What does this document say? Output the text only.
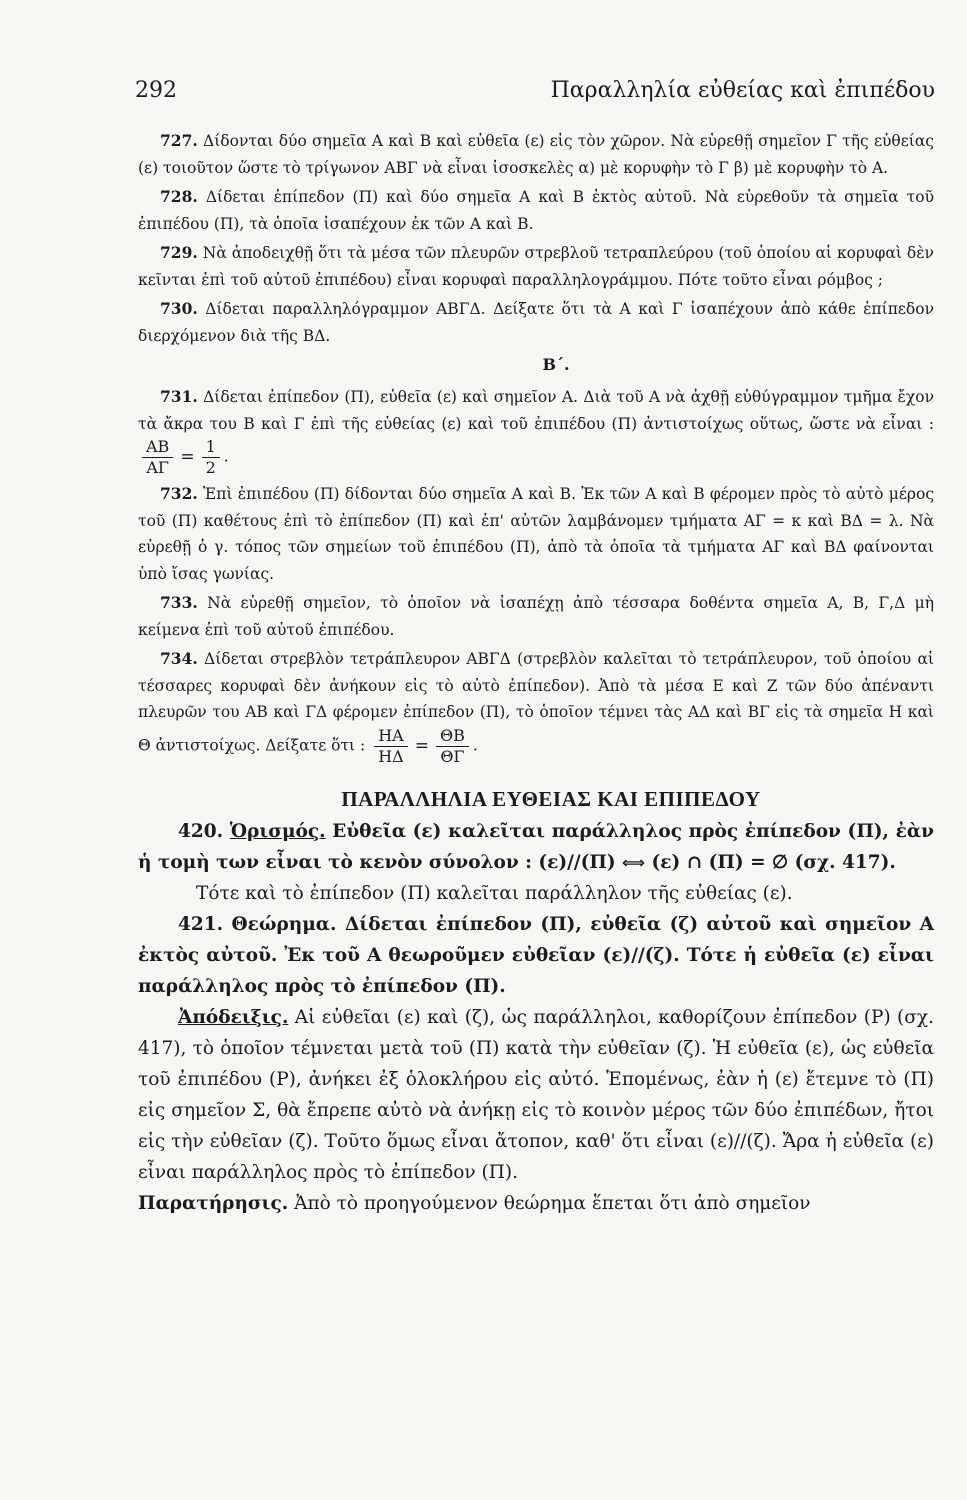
292	Παραλληλία εὐθείας καὶ ἐπιπέδου

727. Δίδονται δύο σημεῖα Α καὶ Β καὶ εὐθεῖα (ε) εἰς τὸν χῶρον. Νὰ εὑρεθῇ σημεῖον Γ τῆς εὐθείας (ε) τοιοῦτον ὥστε τὸ τρίγωνον ΑΒΓ νὰ εἶναι ἰσοσκελὲς α) μὲ κορυφὴν τὸ Γ β) μὲ κορυφὴν τὸ Α.

728. Δίδεται ἐπίπεδον (Π) καὶ δύο σημεῖα Α καὶ Β ἐκτὸς αὐτοῦ. Νὰ εὑρεθοῦν τὰ σημεῖα τοῦ ἐπιπέδου (Π), τὰ ὁποῖα ἰσαπέχουν ἐκ τῶν Α καὶ Β.

729. Νὰ ἀποδειχθῇ ὅτι τὰ μέσα τῶν πλευρῶν στρεβλοῦ τετραπλεύρου (τοῦ ὁποίου αἱ κορυφαὶ δὲν κεῖνται ἐπὶ τοῦ αὐτοῦ ἐπιπέδου) εἶναι κορυφαὶ παραλληλογράμμου. Πότε τοῦτο εἶναι ρόμβος ;

730. Δίδεται παραλληλόγραμμον ΑΒΓΔ. Δείξατε ὅτι τὰ Α καὶ Γ ἰσαπέχουν ἀπὸ κάθε ἐπίπεδον διερχόμενον διὰ τῆς ΒΔ.

Β΄.

731. Δίδεται ἐπίπεδον (Π), εὐθεῖα (ε) καὶ σημεῖον Α. Διὰ τοῦ Α νὰ ἀχθῇ εὐθύγραμμον τμῆμα ἔχον τὰ ἄκρα του Β καὶ Γ ἐπὶ τῆς εὐθείας (ε) καὶ τοῦ ἐπιπέδου (Π) ἀντιστοίχως οὕτως, ὥστε νὰ εἶναι :
$\frac{AB}{A\Gamma} = \frac{1}{2}$ .

732. Ἐπὶ ἐπιπέδου (Π) δίδονται δύο σημεῖα Α καὶ Β. Ἐκ τῶν Α καὶ Β φέρομεν πρὸς τὸ αὐτὸ μέρος τοῦ (Π) καθέτους ἐπὶ τὸ ἐπίπεδον (Π) καὶ ἐπ' αὐτῶν λαμβάνομεν τμήματα ΑΓ = κ καὶ ΒΔ = λ. Νὰ εὑρεθῇ ὁ γ. τόπος τῶν σημείων τοῦ ἐπιπέδου (Π), ἀπὸ τὰ ὁποῖα τὰ τμήματα ΑΓ καὶ ΒΔ φαίνονται ὑπὸ ἴσας γωνίας.

733. Νὰ εὑρεθῇ σημεῖον, τὸ ὁποῖον νὰ ἰσαπέχῃ ἀπὸ τέσσαρα δοθέντα σημεῖα Α, Β, Γ,Δ μὴ κείμενα ἐπὶ τοῦ αὐτοῦ ἐπιπέδου.

734. Δίδεται στρεβλὸν τετράπλευρον ΑΒΓΔ (στρεβλὸν καλεῖται τὸ τετράπλευρον, τοῦ ὁποίου αἱ τέσσαρες κορυφαὶ δὲν ἀνήκουν εἰς τὸ αὐτὸ ἐπίπεδον). Ἀπὸ τὰ μέσα Ε καὶ Ζ τῶν δύο ἀπέναντι πλευρῶν του ΑΒ καὶ ΓΔ φέρομεν ἐπίπεδον (Π), τὸ ὁποῖον τέμνει τὰς ΑΔ καὶ ΒΓ εἰς τὰ σημεῖα Η καὶ Θ ἀντιστοίχως. Δείξατε ὅτι : $\frac{HA}{H\Delta} = \frac{\Theta B}{\Theta\Gamma}$ .

ΠΑΡΑΛΛΗΛΙΑ ΕΥΘΕΙΑΣ ΚΑΙ ΕΠΙΠΕΔΟΥ

420. Ὁρισμός. Εὐθεῖα (ε) καλεῖται παράλληλος πρὸς ἐπίπεδον (Π), ἐὰν ἡ τομὴ των εἶναι τὸ κενὸν σύνολον : (ε)//(Π) ⟺ (ε) ∩ (Π) = ∅ (σχ. 417).

Τότε καὶ τὸ ἐπίπεδον (Π) καλεῖται παράλληλον τῆς εὐθείας (ε).

421. Θεώρημα. Δίδεται ἐπίπεδον (Π), εὐθεῖα (ζ) αὐτοῦ καὶ σημεῖον Α ἐκτὸς αὐτοῦ. Ἐκ τοῦ Α θεωροῦμεν εὐθεῖαν (ε)//(ζ). Τότε ἡ εὐθεῖα (ε) εἶναι παράλληλος πρὸς τὸ ἐπίπεδον (Π).

Ἀπόδειξις. Αἱ εὐθεῖαι (ε) καὶ (ζ), ὡς παράλληλοι, καθορίζουν ἐπίπεδον (Ρ) (σχ. 417), τὸ ὁποῖον τέμνεται μετὰ τοῦ (Π) κατὰ τὴν εὐθεῖαν (ζ). Ἡ εὐθεῖα (ε), ὡς εὐθεῖα τοῦ ἐπιπέδου (Ρ), ἀνήκει ἐξ ὁλοκλήρου εἰς αὐτό. Ἑπομένως, ἐὰν ἡ (ε) ἔτεμνε τὸ (Π) εἰς σημεῖον Σ, θὰ ἔπρεπε αὐτὸ νὰ ἀνήκῃ εἰς τὸ κοινὸν μέρος τῶν δύο ἐπιπέδων, ἤτοι εἰς τὴν εὐθεῖαν (ζ). Τοῦτο ὅμως εἶναι ἄτοπον, καθ' ὅτι εἶναι (ε)//(ζ). Ἄρα ἡ εὐθεῖα (ε) εἶναι παράλληλος πρὸς τὸ ἐπίπεδον (Π).

Παρατήρησις. Ἀπὸ τὸ προηγούμενον θεώρημα ἕπεται ὅτι ἀπὸ σημεῖον
